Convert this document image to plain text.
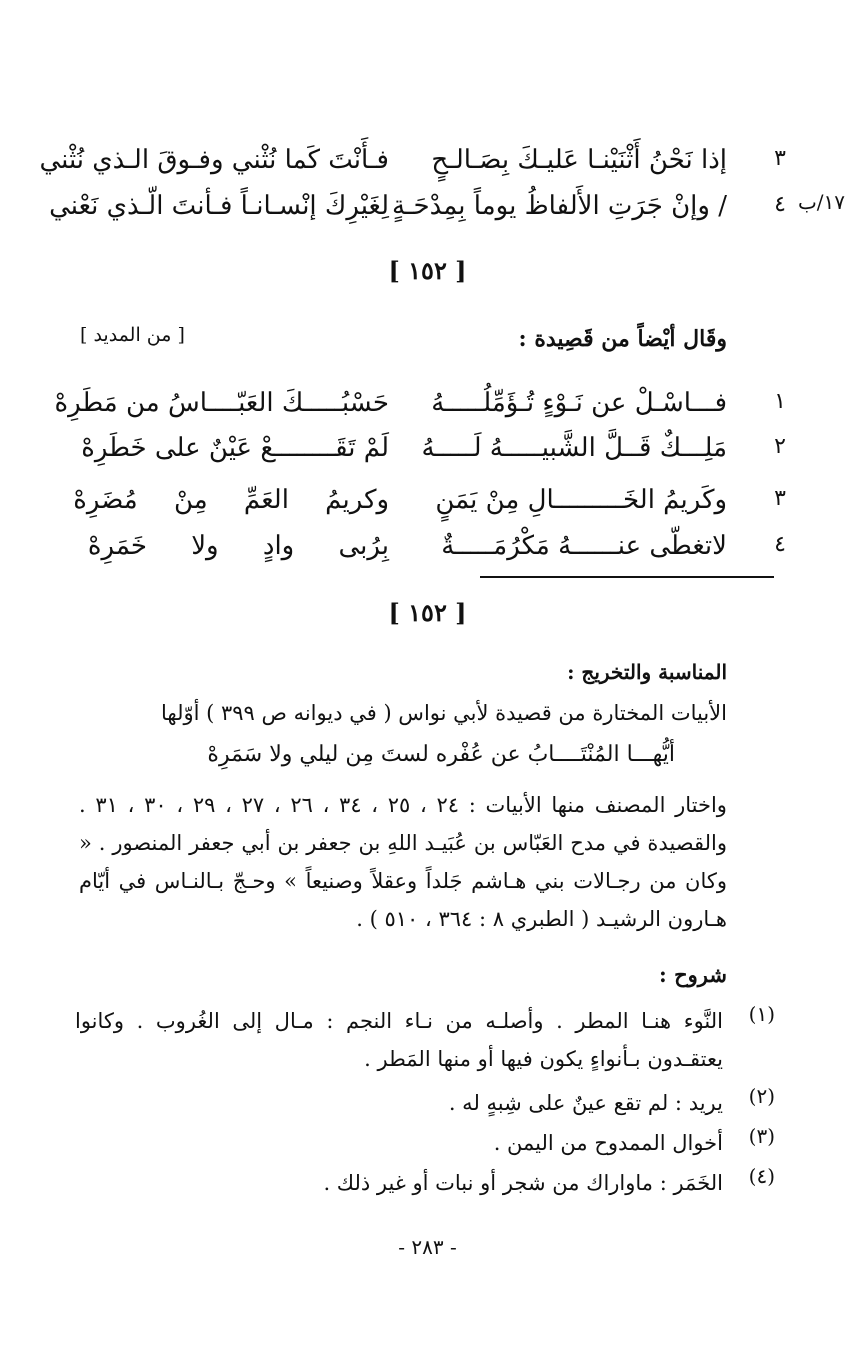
٣
إذا نَحْنُ أَثْنَيْنـا عَليـكَ بِصَـالـحٍ
فـأَنْتَ كَما نُثْني وفـوقَ الـذي نُثْني
١٧/ب
٤
/ وإنْ جَرَتِ الأَلفاظُ يوماً بِمِدْحَـةٍ
لِغَيْرِكَ إنْسـانـاً فـأنتَ الّـذي نَعْني
[ ١٥٢ ]
وقَال أيْضاً من قَصِيدة :
[ من المديد ]
١
فـــاسْـلْ عن نَـوْءٍ تُـؤَمِّلُـــــهُ
حَسْبُـــــكَ العَبّــــاسُ من مَطَرِهْ
٢
مَلِـــكٌ قَــلَّ الشَّبيـــــهُ لَـــــهُ
لَمْ تَقَــــــــعْ عَيْنٌ على خَطَرِهْ
٣
وكَريمُ الخَـــــــــالِ مِنْ يَمَنٍ
وكريمُ العَمِّ مِنْ مُضَرِهْ
٤
لاتغطّى عنــــــهُ مَكْرُمَـــــةٌ
بِرُبى وادٍ ولا خَمَرِهْ
[ ١٥٢ ]
المناسبة والتخريج :
الأبيات المختارة من قصيدة لأبي نواس ( في ديوانه ص ٣٩٩ ) أوّلها
أيُّهـــا المُنْتَــــابُ عن عُفْره لستَ مِن ليلي ولا سَمَرِهْ
واختار المصنف منها الأبيات : ٢٤ ، ٢٥ ، ٣٤ ، ٢٦ ، ٢٧ ، ٢٩ ، ٣٠ ، ٣١ . والقصيدة في مدح العَبّاس بن عُبَيـد اللهِ بن جعفر بن أبي جعفر المنصور . « وكان من رجـالات بني هـاشم جَلداً وعقلاً وصنيعاً » وحـجّ بـالنـاس في أيّام هـارون الرشيـد ( الطبري ٨ : ٣٦٤ ، ٥١٠ ) .
شروح :
(١)
النَّوء هنـا المطر . وأصلـه من نـاء النجم : مـال إلى الغُروب . وكانوا يعتقـدون بـأنواءٍ يكون فيها أو منها المَطر .
(٢)
يريد : لم تقع عينٌ على شِبهٍ له .
(٣)
أخوال الممدوح من اليمن .
(٤)
الخَمَر : ماواراك من شجر أو نبات أو غير ذلك .
- ٢٨٣ -
